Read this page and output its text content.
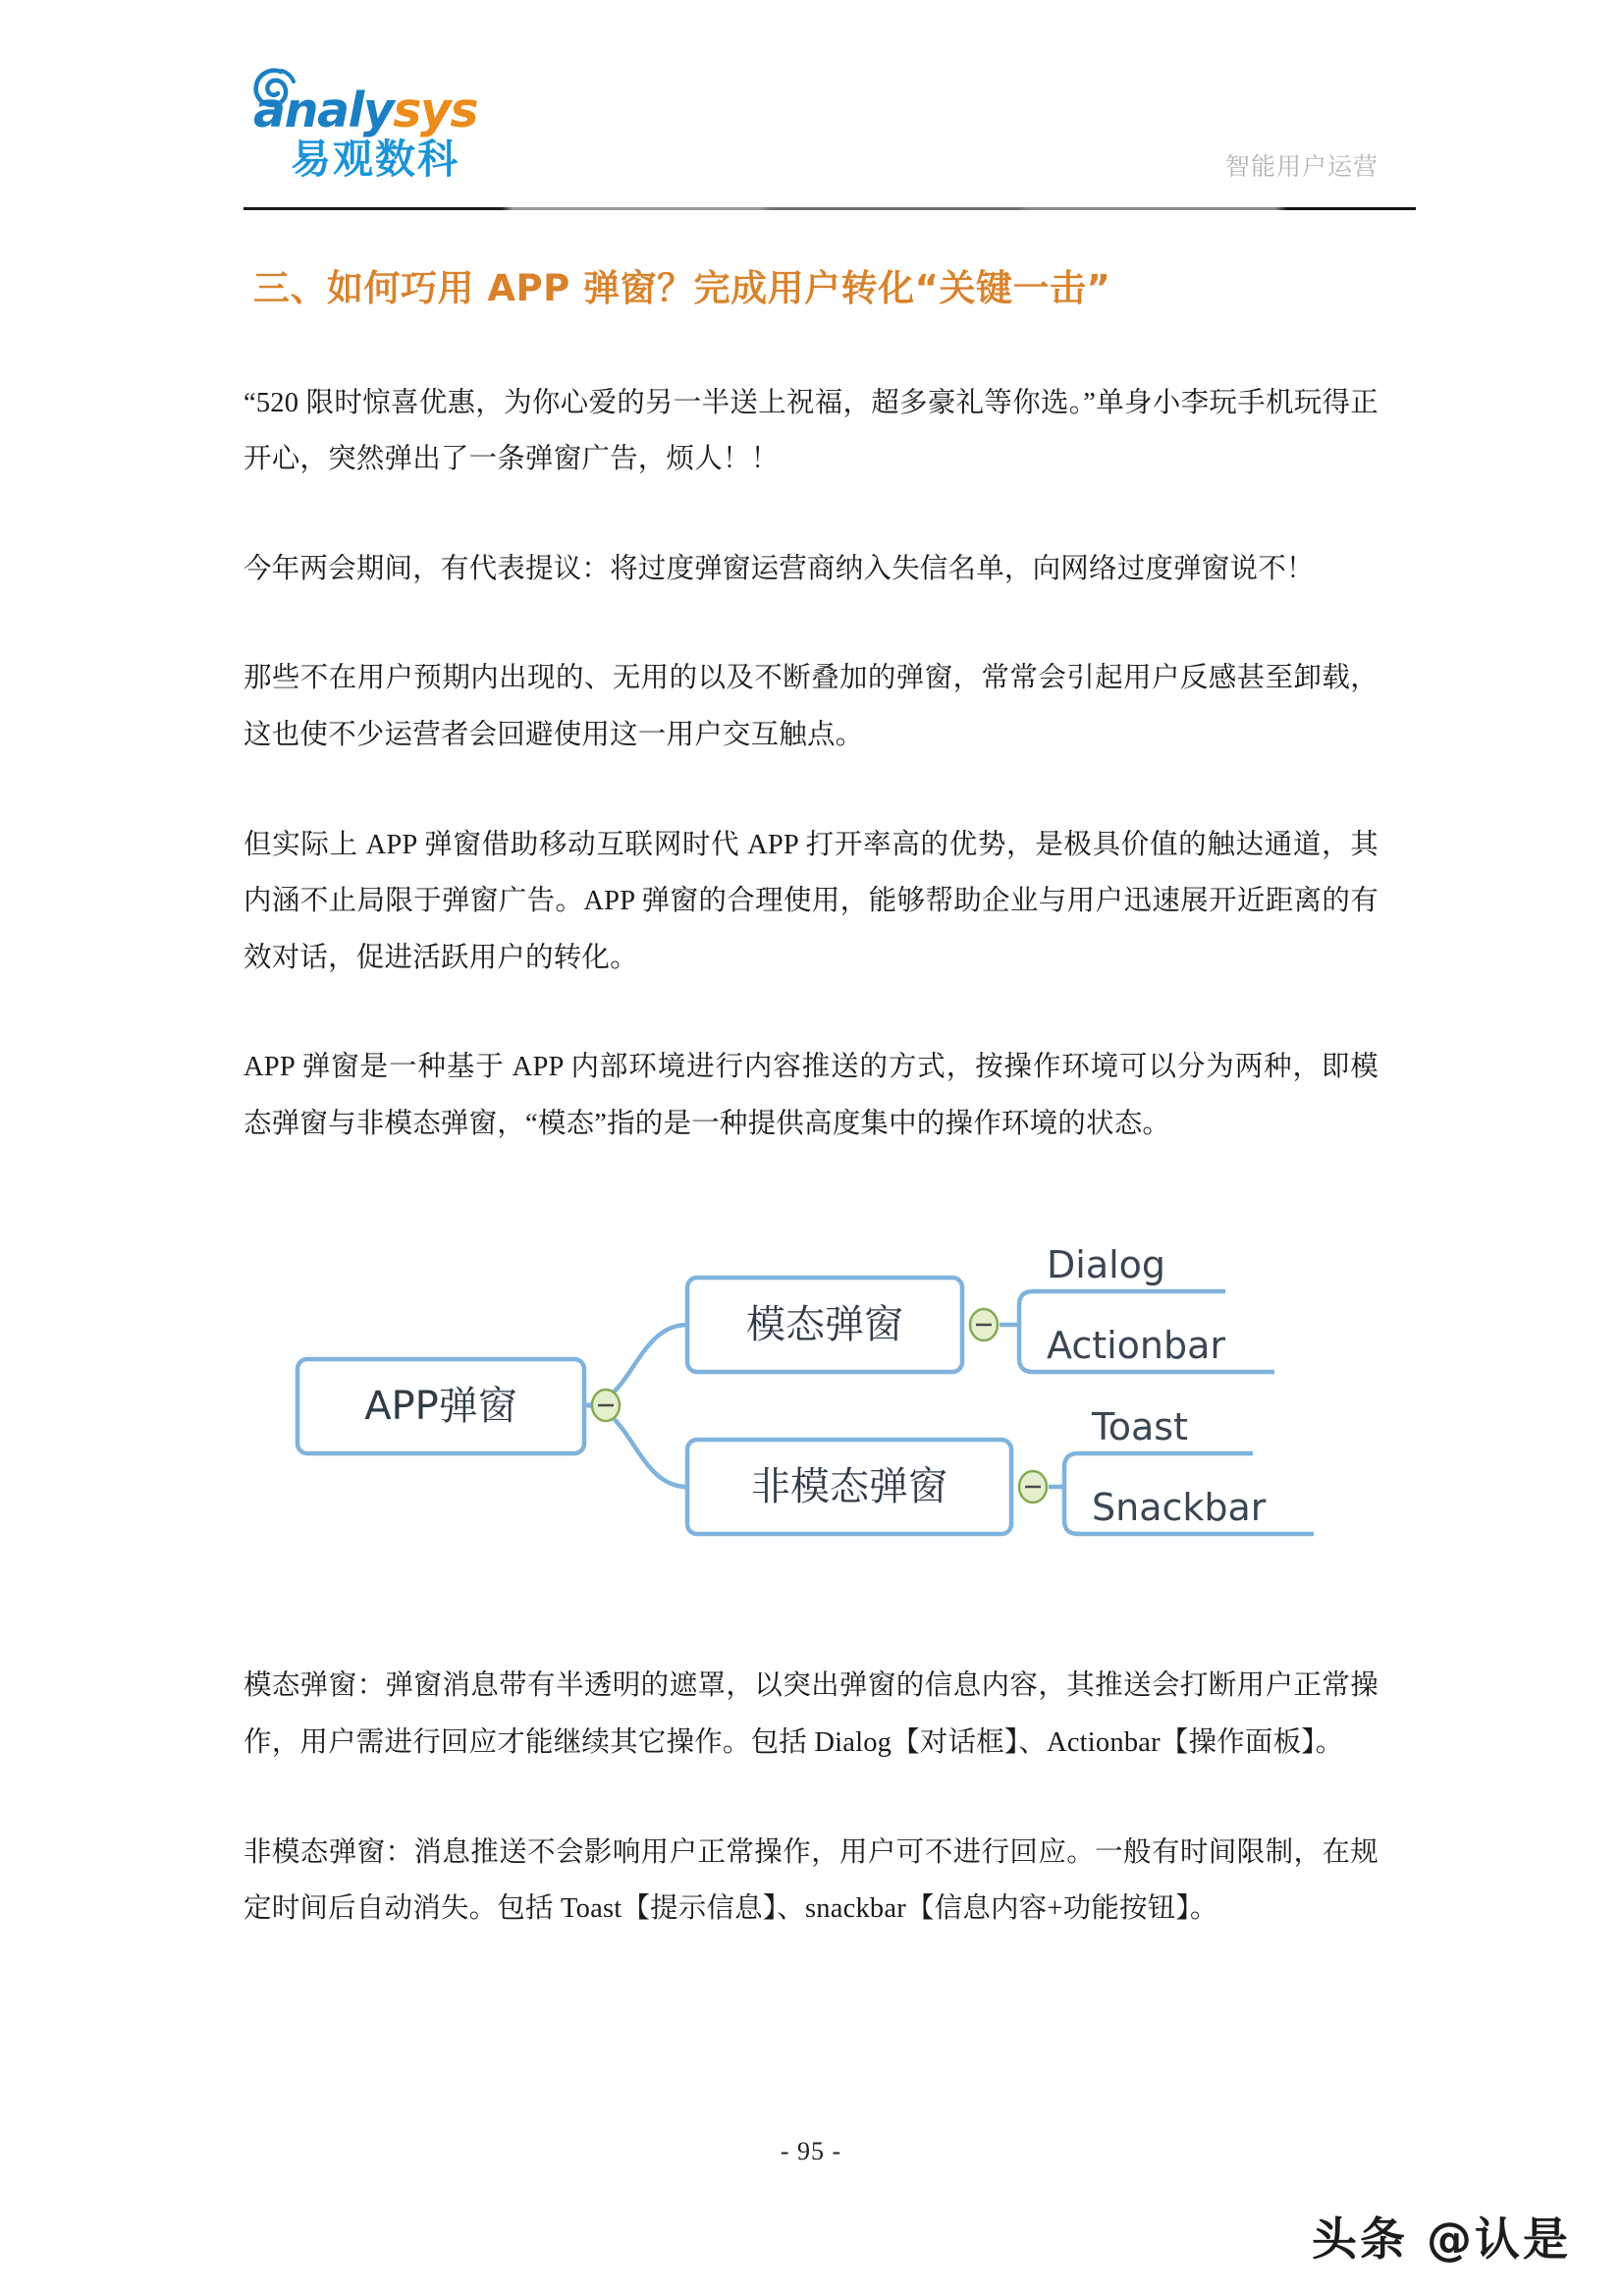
analysys
易观数科	智能用户运营
三、如何巧用 APP 弹窗？完成用户转化“关键一击”

“520 限时惊喜优惠，为你心爱的另一半送上祝福，超多豪礼等你选。”单身小李玩手机玩得正开心，突然弹出了一条弹窗广告，烦人！！

今年两会期间，有代表提议：将过度弹窗运营商纳入失信名单，向网络过度弹窗说不！

那些不在用户预期内出现的、无用的以及不断叠加的弹窗，常常会引起用户反感甚至卸载，这也使不少运营者会回避使用这一用户交互触点。

但实际上 APP 弹窗借助移动互联网时代 APP 打开率高的优势，是极具价值的触达通道，其内涵不止局限于弹窗广告。APP 弹窗的合理使用，能够帮助企业与用户迅速展开近距离的有效对话，促进活跃用户的转化。

APP 弹窗是一种基于 APP 内部环境进行内容推送的方式，按操作环境可以分为两种，即模态弹窗与非模态弹窗，“模态”指的是一种提供高度集中的操作环境的状态。

APP弹窗
模态弹窗
Dialog
Actionbar
非模态弹窗
Toast
Snackbar

模态弹窗：弹窗消息带有半透明的遮罩，以突出弹窗的信息内容，其推送会打断用户正常操作，用户需进行回应才能继续其它操作。包括 Dialog【对话框】、Actionbar【操作面板】。

非模态弹窗：消息推送不会影响用户正常操作，用户可不进行回应。一般有时间限制，在规定时间后自动消失。包括 Toast【提示信息】、snackbar【信息内容+功能按钮】。

- 95 -
头条 @认是
